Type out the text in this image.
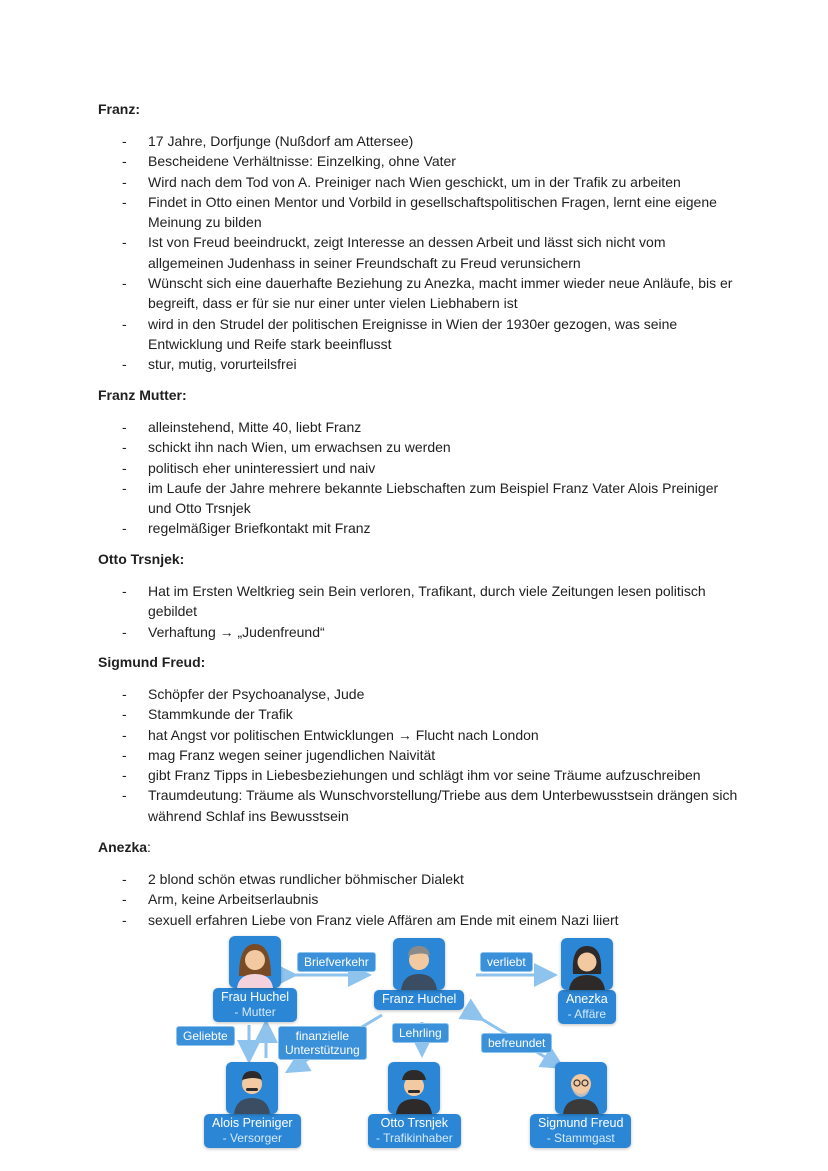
Franz:
- 17 Jahre, Dorfjunge (Nußdorf am Attersee)
- Bescheidene Verhältnisse: Einzelking, ohne Vater
- Wird nach dem Tod von A. Preiniger nach Wien geschickt, um in der Trafik zu arbeiten
- Findet in Otto einen Mentor und Vorbild in gesellschaftspolitischen Fragen, lernt eine eigene Meinung zu bilden
- Ist von Freud beeindruckt, zeigt Interesse an dessen Arbeit und lässt sich nicht vom allgemeinen Judenhass in seiner Freundschaft zu Freud verunsichern
- Wünscht sich eine dauerhafte Beziehung zu Anezka, macht immer wieder neue Anläufe, bis er begreift, dass er für sie nur einer unter vielen Liebhabern ist
- wird in den Strudel der politischen Ereignisse in Wien der 1930er gezogen, was seine Entwicklung und Reife stark beeinflusst
- stur, mutig, vorurteilsfrei
Franz Mutter:
- alleinstehend, Mitte 40, liebt Franz
- schickt ihn nach Wien, um erwachsen zu werden
- politisch eher uninteressiert und naiv
- im Laufe der Jahre mehrere bekannte Liebschaften zum Beispiel Franz Vater Alois Preiniger und Otto Trsnjek
- regelmäßiger Briefkontakt mit Franz
Otto Trsnjek:
- Hat im Ersten Weltkrieg sein Bein verloren, Trafikant, durch viele Zeitungen lesen politisch gebildet
- Verhaftung → „Judenfreund“
Sigmund Freud:
- Schöpfer der Psychoanalyse, Jude
- Stammkunde der Trafik
- hat Angst vor politischen Entwicklungen → Flucht nach London
- mag Franz wegen seiner jugendlichen Naivität
- gibt Franz Tipps in Liebesbeziehungen und schlägt ihm vor seine Träume aufzuschreiben
- Traumdeutung: Träume als Wunschvorstellung/Triebe aus dem Unterbewusstsein drängen sich während Schlaf ins Bewusstsein
Anezka:
- 2 blond schön etwas rundlicher böhmischer Dialekt
- Arm, keine Arbeitserlaubnis
- sexuell erfahren Liebe von Franz viele Affären am Ende mit einem Nazi liiert
Frau Huchel
- Mutter
Franz Huchel	Anezka
- Affäre
Alois Preiniger
- Versorger
Otto Trsnjek
- Trafikinhaber
Sigmund Freud
- Stammgast
Briefverkehr	verliebt
Geliebte	finanzielle
Unterstützung
Lehrling
befreundet
